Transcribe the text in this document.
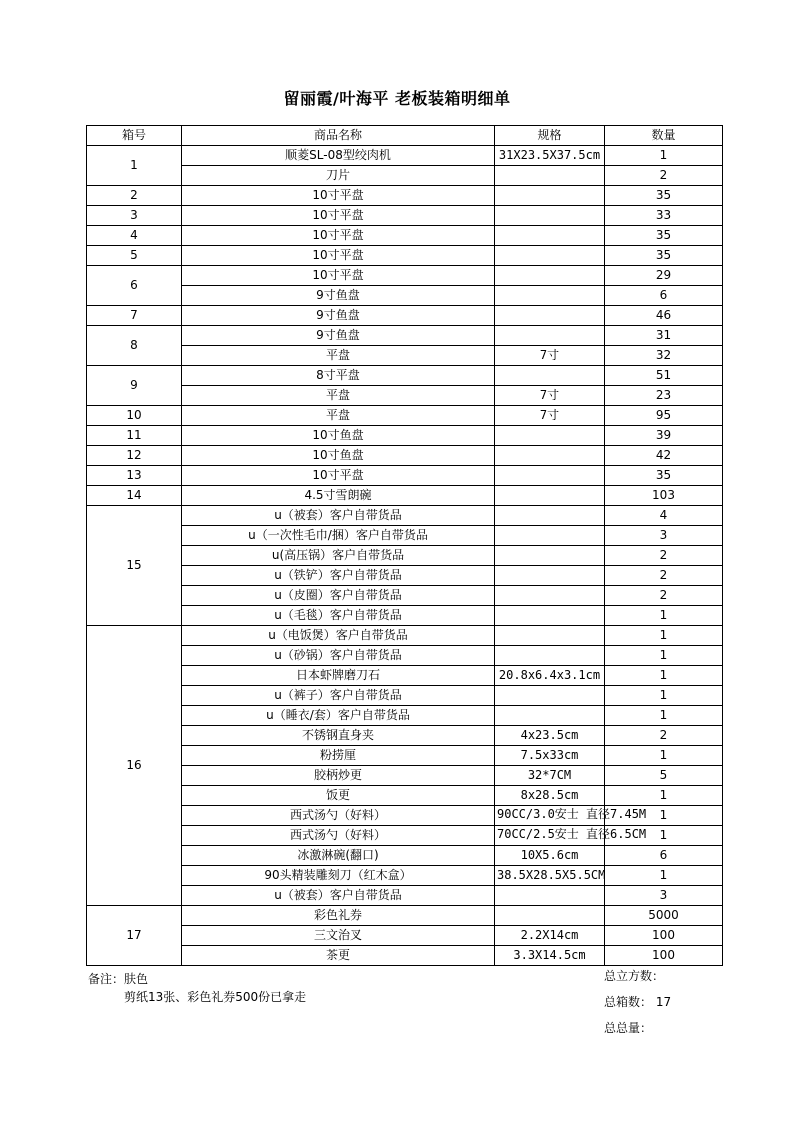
留丽霞/叶海平 老板装箱明细单
箱号	商品名称	规格	数量
1	顺菱SL-08型绞肉机	31X23.5X37.5cm	1
	刀片		2
2	10寸平盘		35
3	10寸平盘		33
4	10寸平盘		35
5	10寸平盘		35
6	10寸平盘		29
	9寸鱼盘		6
7	9寸鱼盘		46
8	9寸鱼盘		31
	平盘	7寸	32
9	8寸平盘		51
	平盘	7寸	23
10	平盘	7寸	95
11	10寸鱼盘		39
12	10寸鱼盘		42
13	10寸平盘		35
14	4.5寸雪朗碗		103
15	u（被套）客户自带货品		4
	u（一次性毛巾/捆）客户自带货品		3
	u(高压锅）客户自带货品		2
	u（铁铲）客户自带货品		2
	u（皮圈）客户自带货品		2
	u（毛毯）客户自带货品		1
16	u（电饭煲）客户自带货品		1
	u（砂锅）客户自带货品		1
	日本虾牌磨刀石	20.8x6.4x3.1cm	1
	u（裤子）客户自带货品		1
	u（睡衣/套）客户自带货品		1
	不锈钢直身夹	4x23.5cm	2
	粉捞厘	7.5x33cm	1
	胶柄炒更	32*7CM	5
	饭更	8x28.5cm	1
	西式汤勺（好料）	90CC/3.0安士 直径7.45M	1
	西式汤勺（好料）	70CC/2.5安士 直径6.5CM	1
	冰激淋碗(翻口)	10X5.6cm	6
	90头精装雕刻刀（红木盒）	38.5X28.5X5.5CM	1
	u（被套）客户自带货品		3
17	彩色礼券		5000
	三文治叉	2.2X14cm	100
	茶更	3.3X14.5cm	100
备注：肤色
剪纸13张、彩色礼券500份已拿走
总立方数：
总箱数： 17
总总量：
